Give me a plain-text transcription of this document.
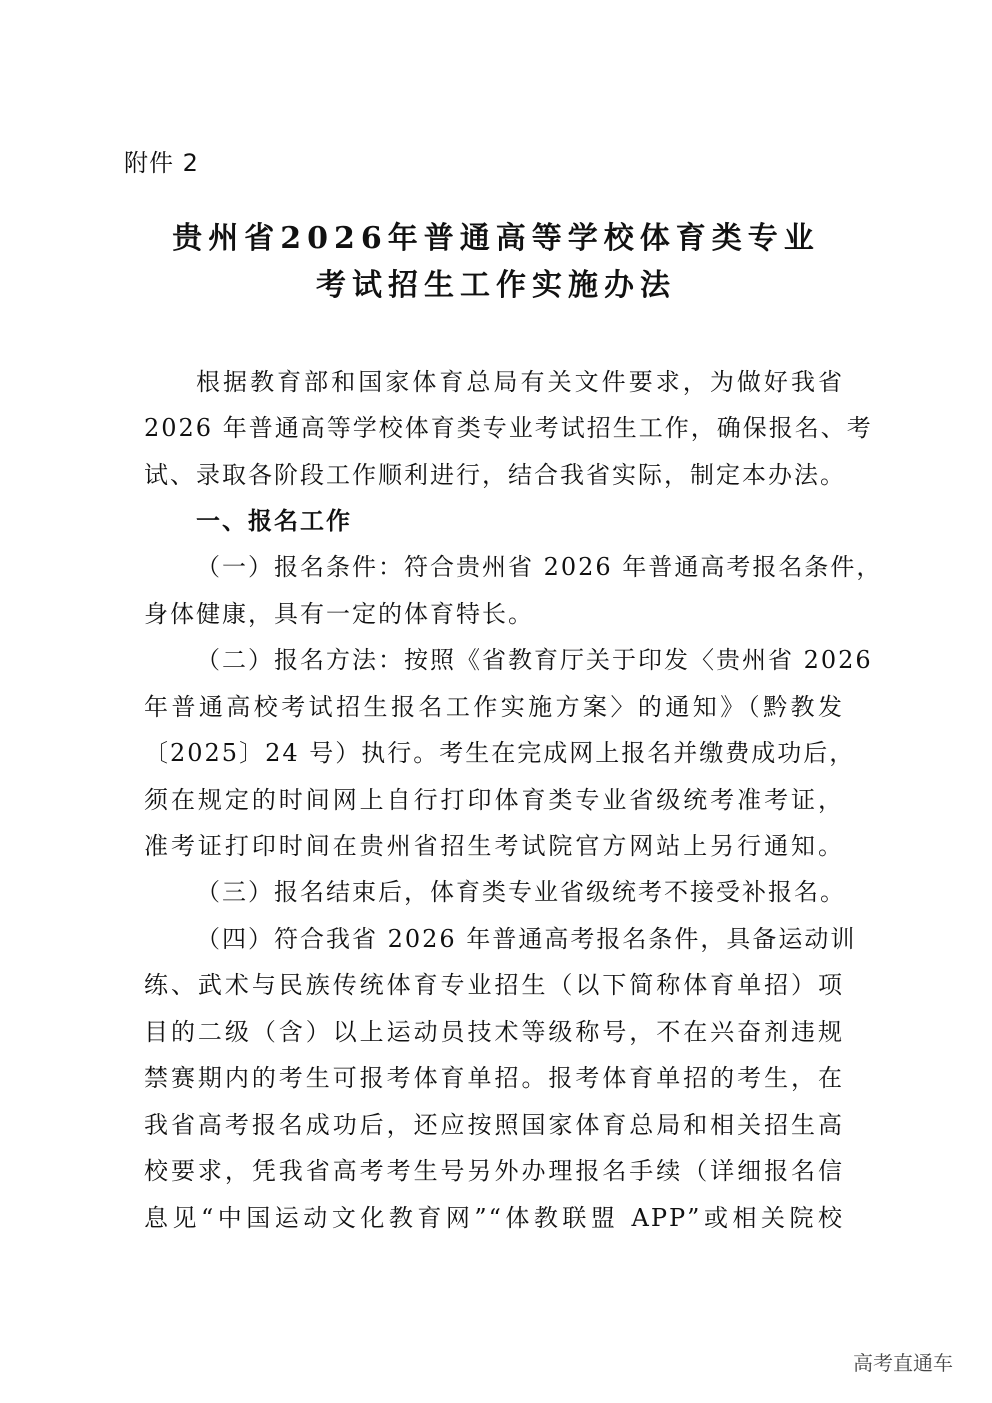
附件 2
贵州省2026年普通高等学校体育类专业
考试招生工作实施办法
根据教育部和国家体育总局有关文件要求，为做好我省
2026 年普通高等学校体育类专业考试招生工作，确保报名、考
试、录取各阶段工作顺利进行，结合我省实际，制定本办法。
一、报名工作
（一）报名条件：符合贵州省 2026 年普通高考报名条件，
身体健康，具有一定的体育特长。
（二）报名方法：按照《省教育厅关于印发〈贵州省 2026
年普通高校考试招生报名工作实施方案〉的通知》（黔教发
〔2025〕24 号）执行。考生在完成网上报名并缴费成功后，
须在规定的时间网上自行打印体育类专业省级统考准考证，
准考证打印时间在贵州省招生考试院官方网站上另行通知。
（三）报名结束后，体育类专业省级统考不接受补报名。
（四）符合我省 2026 年普通高考报名条件，具备运动训
练、武术与民族传统体育专业招生（以下简称体育单招）项
目的二级（含）以上运动员技术等级称号，不在兴奋剂违规
禁赛期内的考生可报考体育单招。报考体育单招的考生，在
我省高考报名成功后，还应按照国家体育总局和相关招生高
校要求，凭我省高考考生号另外办理报名手续（详细报名信
息见“中国运动文化教育网”“体教联盟 APP”或相关院校
高考直通车
